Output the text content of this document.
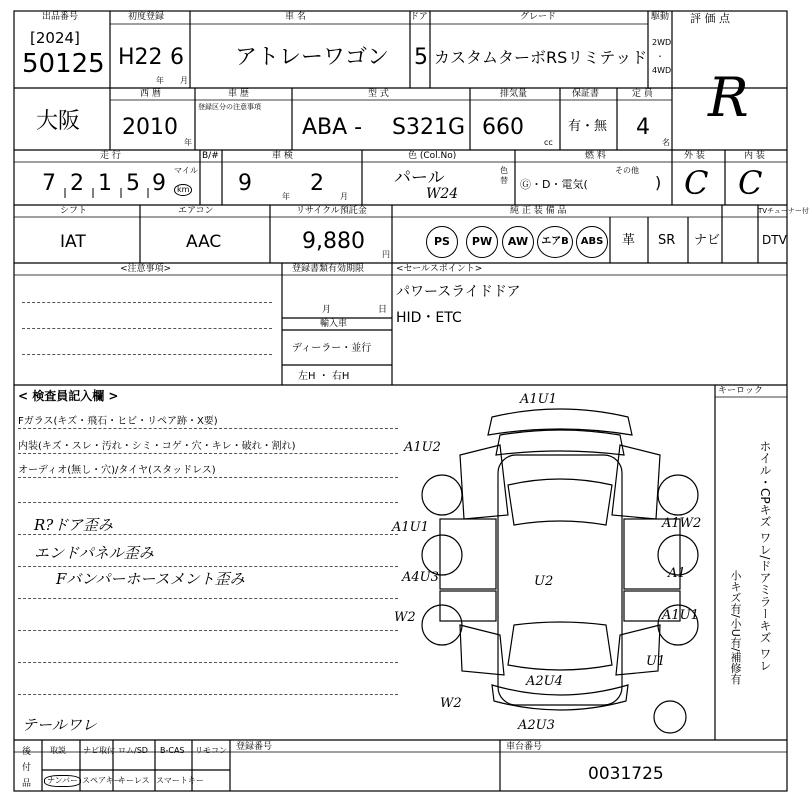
出品番号
[2024]
50125
初度登録
H22 6
年 月
車 名
アトレーワゴン
ドア
5
グレード
カスタムターボRSリミテッド
駆動
2WD
・
4WD
評 価 点
R
大阪
西 暦
2010
年
車 歴
登録区分の注意事項
型 式
ABA - S321G
排気量
660
cc
保証書
有・無
定 員
4
名
走 行
7 2 1 5 9
マイル
km
B/#	車 検
9
年
2
月
色 (Col.No)
パール
W24
色替
燃 料
Ⓖ・D・電気(
その他
)
外 装
C
内 装
C
シフト
IAT
エアコン
AAC
リサイクル預託金
9,880
円
純 正 装 備 品	TVチューナー付
PS	PW	AW	エアB	ABS	革 SR ナビ	DTV
<注意事項>	登録書類有効期限
月	日
輸入車
ディーラー・並行
左H ・ 右H
<セールスポイント>
パワースライドドア
HID・ETC
< 検査員記入欄 >
Fガラス(キズ・飛石・ヒビ・リペア跡・X要)
内装(キズ・スレ・汚れ・シミ・コゲ・穴・キレ・破れ・割れ)
オーディオ(無し・穴)/タイヤ(スタッドレス)
R?ドア歪み
エンドパネル歪み
Fバンパーホースメント歪み
テールワレ
A1U1
A1U2
A1U1	A1W2
A4U3	A1
U2
W2	A1U1
U1
A2U4
W2
A2U3
キーロック
ホイル・CPキズ ワレ/ドアミラーキズ ワレ
小キズ有/小U有/補修有
後付品
取説 ナビ取付 ロム/SD B-CAS リモコン
ナンバー スペアキー
キーレス スマートキー
登録番号	車台番号
0031725
